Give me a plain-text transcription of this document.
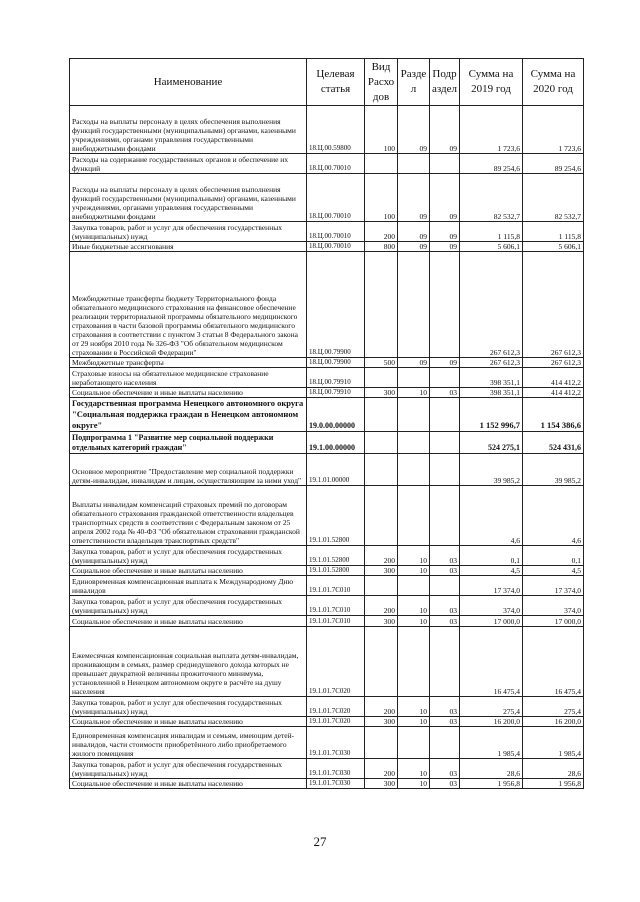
Наименование	Целевая статья	Вид Расхо дов	Разде л	Подр аздел	Сумма на 2019 год	Сумма на 2020 год
Расходы на выплаты персоналу в целях обеспечения выполнения функций государственными (муниципальными) органами, казенными учреждениями, органами управления государственными внебюджетными фондами	18.Ц.00.59800	100	09	09	1 723,6	1 723,6
Расходы на содержание государственных органов и обеспечение их функций	18.Ц.00.70010				89 254,6	89 254,6
Расходы на выплаты персоналу в целях обеспечения выполнения функций государственными (муниципальными) органами, казенными учреждениями, органами управления государственными внебюджетными фондами	18.Ц.00.70010	100	09	09	82 532,7	82 532,7
Закупка товаров, работ и услуг для обеспечения государственных (муниципальных) нужд	18.Ц.00.70010	200	09	09	1 115,8	1 115,8
Иные бюджетные ассигнования	18.Ц.00.70010	800	09	09	5 606,1	5 606,1
Межбюджетные трансферты бюджету Территориального фонда обязательного медицинского страхования на финансовое обеспечение реализации территориальной программы обязательного медицинского страхования в части базовой программы обязательного медицинского страхования в соответствии с пунктом 3 статьи 8 Федерального закона от 29 ноября 2010 года № 326-ФЗ "Об обязательном медицинском страховании в Российской Федерации"	18.Ц.00.79900				267 612,3	267 612,3
Межбюджетные трансферты	18.Ц.00.79900	500	09	09	267 612,3	267 612,3
Страховые взносы на обязательное медицинское страхование неработающего населения	18.Ц.00.79910				398 351,1	414 412,2
Социальное обеспечение и иные выплаты населению	18.Ц.00.79910	300	10	03	398 351,1	414 412,2
Государственная программа Ненецкого автономного округа "Социальная поддержка граждан в Ненецком автономном округе"	19.0.00.00000				1 152 996,7	1 154 386,6
Подпрограмма 1 "Развитие мер социальной поддержки отдельных категорий граждан"	19.1.00.00000				524 275,1	524 431,6
Основное мероприятие "Предоставление мер социальной поддержки детям-инвалидам, инвалидам и лицам, осуществляющим за ними уход"	19.1.01.00000				39 985,2	39 985,2
Выплаты инвалидам компенсаций страховых премий по договорам обязательного страхования гражданской ответственности владельцев транспортных средств в соответствии с Федеральным законом от 25 апреля 2002 года № 40-ФЗ "Об обязательном страховании гражданской ответственности владельцев транспортных средств"	19.1.01.52800				4,6	4,6
Закупка товаров, работ и услуг для обеспечения государственных (муниципальных) нужд	19.1.01.52800	200	10	03	0,1	0,1
Социальное обеспечение и иные выплаты населению	19.1.01.52800	300	10	03	4,5	4,5
Единовременная компенсационная выплата к Международному Дню инвалидов	19.1.01.7С010				17 374,0	17 374,0
Закупка товаров, работ и услуг для обеспечения государственных (муниципальных) нужд	19.1.01.7С010	200	10	03	374,0	374,0
Социальное обеспечение и иные выплаты населению	19.1.01.7С010	300	10	03	17 000,0	17 000,0
Ежемесячная компенсационная социальная выплата детям-инвалидам, проживающим в семьях, размер среднедушевого дохода которых не превышает двукратной величины прожиточного минимума, установленной в Ненецком автономном округе в расчёте на душу населения	19.1.01.7С020				16 475,4	16 475,4
Закупка товаров, работ и услуг для обеспечения государственных (муниципальных) нужд	19.1.01.7С020	200	10	03	275,4	275,4
Социальное обеспечение и иные выплаты населению	19.1.01.7С020	300	10	03	16 200,0	16 200,0
Единовременная компенсация инвалидам и семьям, имеющим детей-инвалидов, части стоимости приобретённого либо приобретаемого жилого помещения	19.1.01.7С030				1 985,4	1 985,4
Закупка товаров, работ и услуг для обеспечения государственных (муниципальных) нужд	19.1.01.7С030	200	10	03	28,6	28,6
Социальное обеспечение и иные выплаты населению	19.1.01.7С030	300	10	03	1 956,8	1 956,8
27
